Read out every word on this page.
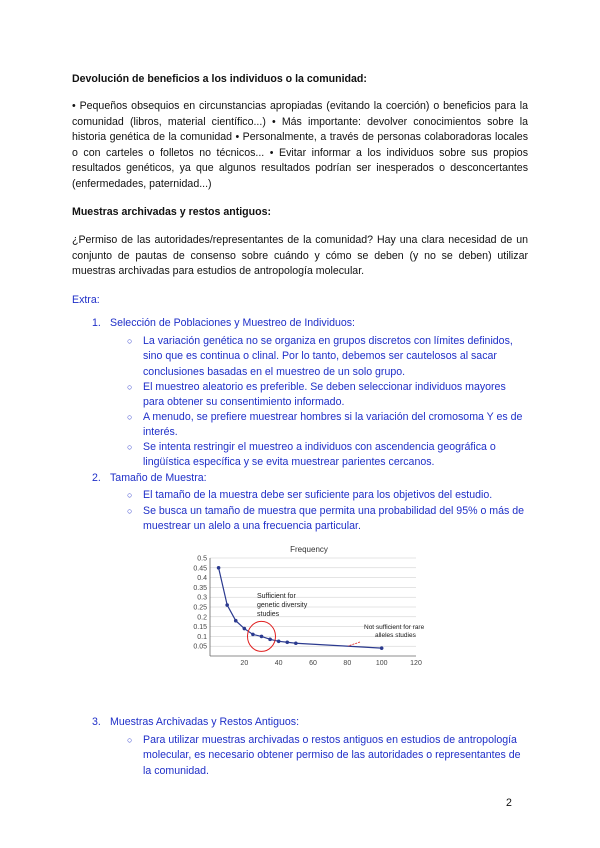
Devolución de beneficios a los individuos o la comunidad:
• Pequeños obsequios en circunstancias apropiadas (evitando la coerción) o beneficios para la comunidad (libros, material científico...) • Más importante: devolver conocimientos sobre la historia genética de la comunidad • Personalmente, a través de personas colaboradoras locales o con carteles o folletos no técnicos... • Evitar informar a los individuos sobre sus propios resultados genéticos, ya que algunos resultados podrían ser inesperados o desconcertantes (enfermedades, paternidad...)
Muestras archivadas y restos antiguos:
¿Permiso de las autoridades/representantes de la comunidad? Hay una clara necesidad de un conjunto de pautas de consenso sobre cuándo y cómo se deben (y no se deben) utilizar muestras archivadas para estudios de antropología molecular.
Extra:
1. Selección de Poblaciones y Muestreo de Individuos:
○ La variación genética no se organiza en grupos discretos con límites definidos, sino que es continua o clinal. Por lo tanto, debemos ser cautelosos al sacar conclusiones basadas en el muestreo de un solo grupo.
○ El muestreo aleatorio es preferible. Se deben seleccionar individuos mayores para obtener su consentimiento informado.
○ A menudo, se prefiere muestrear hombres si la variación del cromosoma Y es de interés.
○ Se intenta restringir el muestreo a individuos con ascendencia geográfica o lingüística específica y se evita muestrear parientes cercanos.
2. Tamaño de Muestra:
○ El tamaño de la muestra debe ser suficiente para los objetivos del estudio.
○ Se busca un tamaño de muestra que permita una probabilidad del 95% o más de muestrear un alelo a una frecuencia particular.
Frequency
0.05
0.1
0.15
0.2
0.25
0.3
0.35
0.4
0.45
0.5
20	40	60	80	100	120
Sufficient for
genetic diversity
studies
Not sufficient for rare
alleles studies
3. Muestras Archivadas y Restos Antiguos:
○ Para utilizar muestras archivadas o restos antiguos en estudios de antropología molecular, es necesario obtener permiso de las autoridades o representantes de la comunidad.
2
